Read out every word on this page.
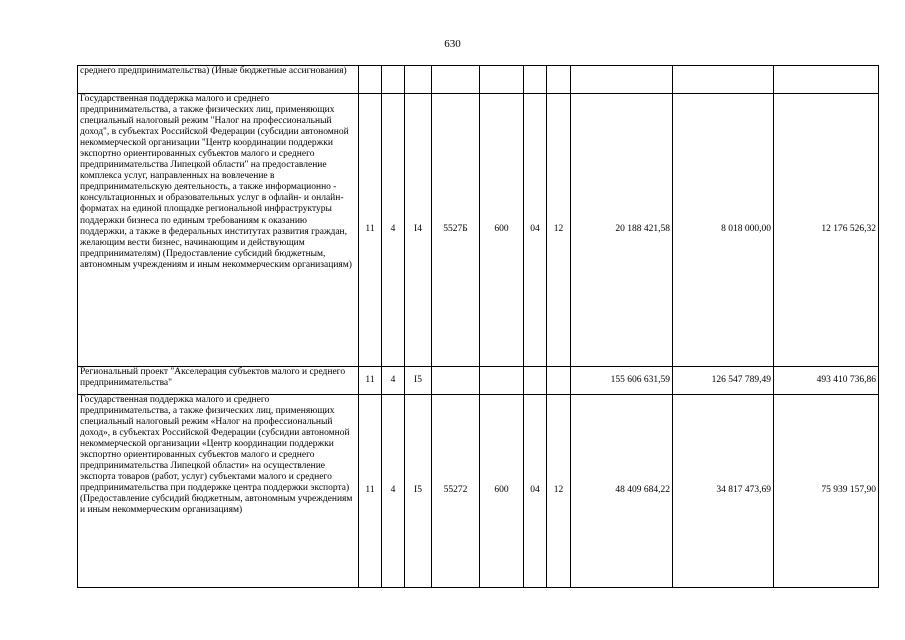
630
среднего предпринимательства) (Иные бюджетные ассигнования)										
Государственная поддержка малого и среднего предпринимательства, а также физических лиц, применяющих специальный налоговый режим "Налог на профессиональный доход", в субъектах Российской Федерации (субсидии автономной некоммерческой организации "Центр координации поддержки экспортно ориентированных субъектов малого и среднего предпринимательства Липецкой области" на предоставление комплекса услуг, направленных на вовлечение в предпринимательскую деятельность, а также информационно - консультационных и образовательных услуг в офлайн- и онлайн-форматах на единой площадке региональной инфраструктуры поддержки бизнеса по единым требованиям к оказанию поддержки, а также в федеральных институтах развития граждан, желающим вести бизнес, начинающим и действующим предпринимателям) (Предоставление субсидий бюджетным, автономным учреждениям и иным некоммерческим организациям)	11	4	I4	5527Б	600	04	12	20 188 421,58	8 018 000,00	12 176 526,32
Региональный проект "Акселерация субъектов малого и среднего предпринимательства"	11	4	I5					155 606 631,59	126 547 789,49	493 410 736,86
Государственная поддержка малого и среднего предпринимательства, а также физических лиц, применяющих специальный налоговый режим «Налог на профессиональный доход», в субъектах Российской Федерации (субсидии автономной некоммерческой организации «Центр координации поддержки экспортно ориентированных субъектов малого и среднего предпринимательства Липецкой области» на осуществление экспорта товаров (работ, услуг) субъектами малого и среднего предпринимательства при поддержке центра поддержки экспорта) (Предоставление субсидий бюджетным, автономным учреждениям и иным некоммерческим организациям)	11	4	I5	55272	600	04	12	48 409 684,22	34 817 473,69	75 939 157,90
